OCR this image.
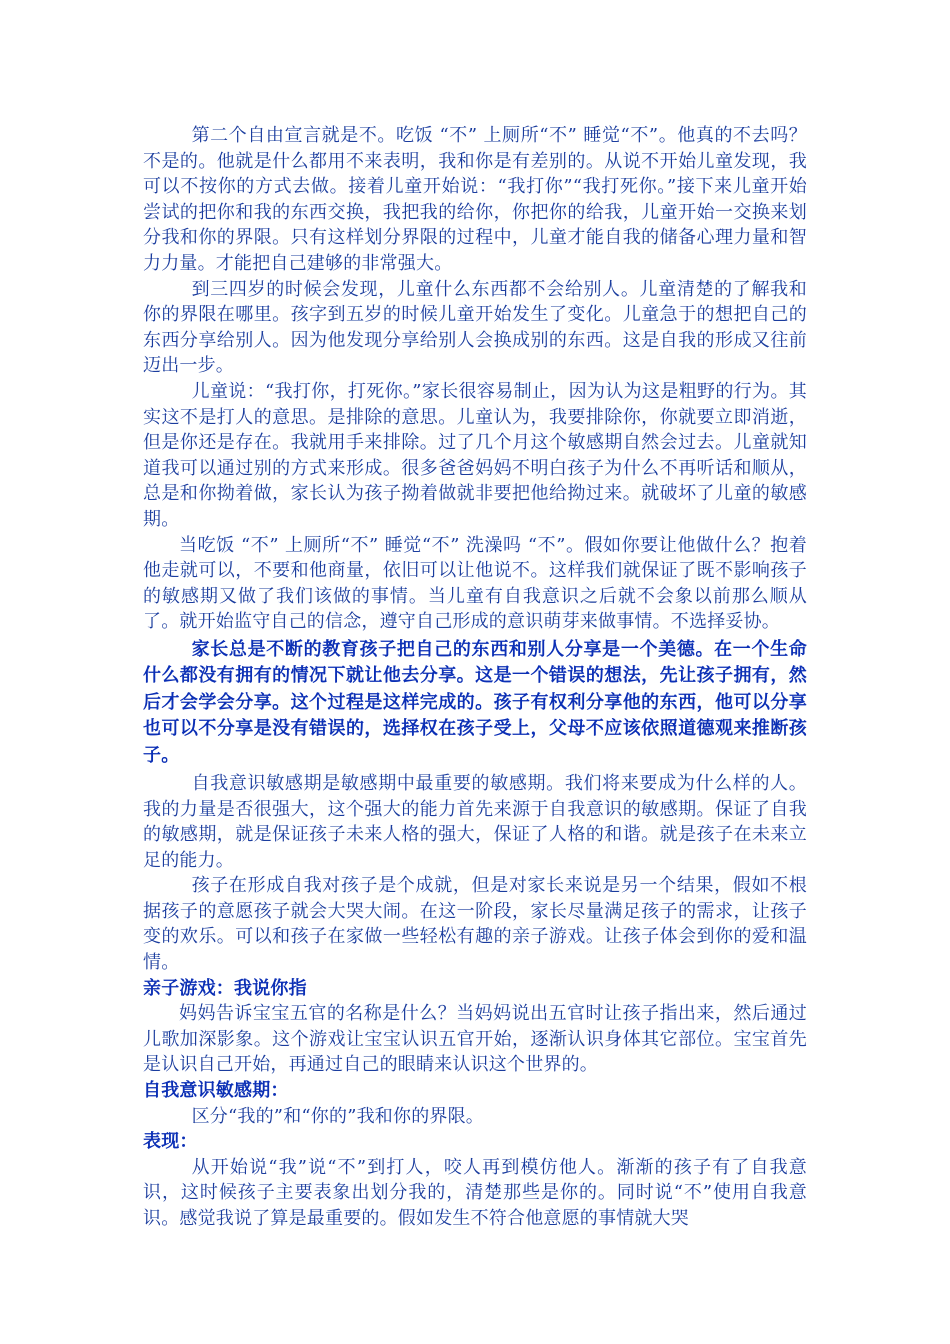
第二个自由宣言就是不。吃饭 “不” 上厕所“不” 睡觉“不”。他真的不去吗？不是的。他就是什么都用不来表明，我和你是有差别的。从说不开始儿童发现，我可以不按你的方式去做。接着儿童开始说：“我打你”“我打死你。”接下来儿童开始尝试的把你和我的东西交换，我把我的给你，你把你的给我，儿童开始一交换来划分我和你的界限。只有这样划分界限的过程中，儿童才能自我的储备心理力量和智力力量。才能把自己建够的非常强大。

到三四岁的时候会发现，儿童什么东西都不会给别人。儿童清楚的了解我和你的界限在哪里。孩字到五岁的时候儿童开始发生了变化。儿童急于的想把自己的东西分享给别人。因为他发现分享给别人会换成别的东西。这是自我的形成又往前迈出一步。

儿童说：“我打你，打死你。”家长很容易制止，因为认为这是粗野的行为。其实这不是打人的意思。是排除的意思。儿童认为，我要排除你，你就要立即消逝，但是你还是存在。我就用手来排除。过了几个月这个敏感期自然会过去。儿童就知道我可以通过别的方式来形成。很多爸爸妈妈不明白孩子为什么不再听话和顺从，总是和你拗着做，家长认为孩子拗着做就非要把他给拗过来。就破坏了儿童的敏感期。

当吃饭 “不” 上厕所“不” 睡觉“不” 洗澡吗 “不”。假如你要让他做什么？抱着他走就可以，不要和他商量，依旧可以让他说不。这样我们就保证了既不影响孩子的敏感期又做了我们该做的事情。当儿童有自我意识之后就不会象以前那么顺从了。就开始监守自己的信念，遵守自己形成的意识萌芽来做事情。不选择妥协。

家长总是不断的教育孩子把自己的东西和别人分享是一个美德。在一个生命什么都没有拥有的情况下就让他去分享。这是一个错误的想法，先让孩子拥有，然后才会学会分享。这个过程是这样完成的。孩子有权利分享他的东西，他可以分享也可以不分享是没有错误的，选择权在孩子受上，父母不应该依照道德观来推断孩子。

自我意识敏感期是敏感期中最重要的敏感期。我们将来要成为什么样的人。我的力量是否很强大，这个强大的能力首先来源于自我意识的敏感期。保证了自我的敏感期，就是保证孩子未来人格的强大，保证了人格的和谐。就是孩子在未来立足的能力。

孩子在形成自我对孩子是个成就，但是对家长来说是另一个结果，假如不根据孩子的意愿孩子就会大哭大闹。在这一阶段，家长尽量满足孩子的需求，让孩子变的欢乐。可以和孩子在家做一些轻松有趣的亲子游戏。让孩子体会到你的爱和温情。

亲子游戏：我说你指

妈妈告诉宝宝五官的名称是什么？当妈妈说出五官时让孩子指出来，然后通过儿歌加深影象。这个游戏让宝宝认识五官开始，逐渐认识身体其它部位。宝宝首先是认识自己开始，再通过自己的眼睛来认识这个世界的。

自我意识敏感期：

区分“我的”和“你的”我和你的界限。

表现：

从开始说“我”说“不”到打人，咬人再到模仿他人。渐渐的孩子有了自我意识，这时候孩子主要表象出划分我的，清楚那些是你的。同时说“不”使用自我意识。感觉我说了算是最重要的。假如发生不符合他意愿的事情就大哭
